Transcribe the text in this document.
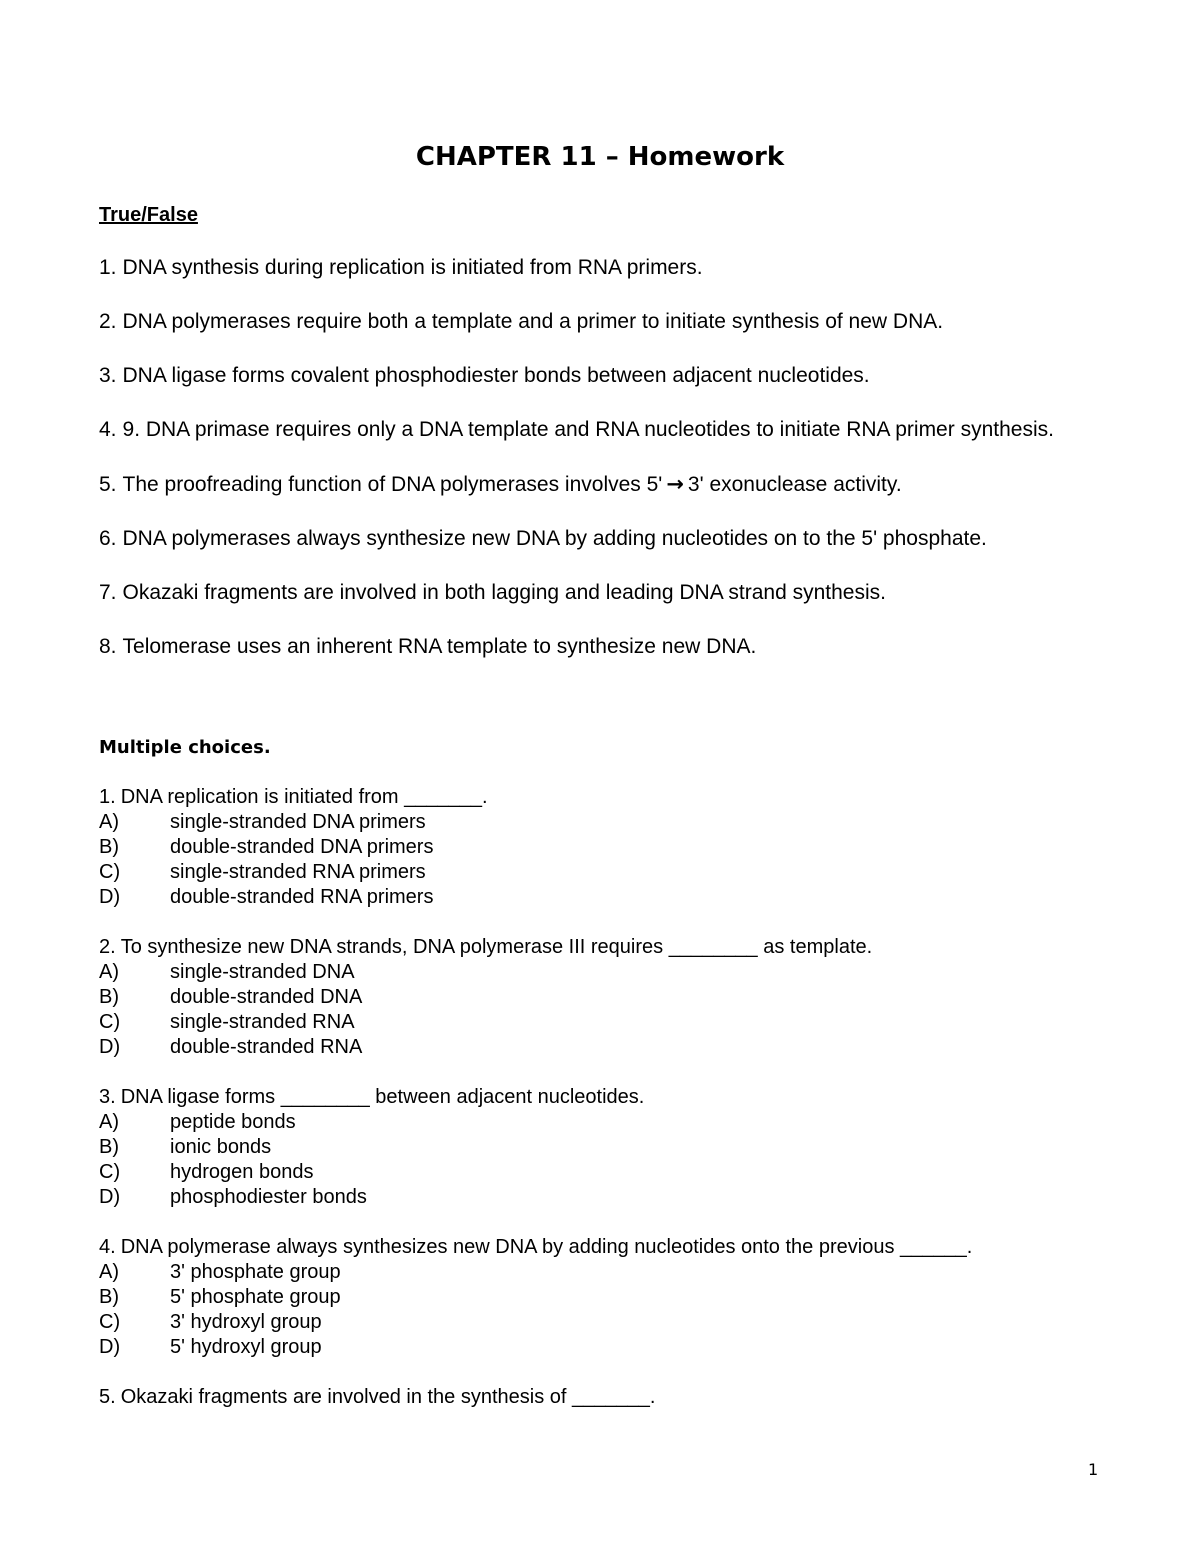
CHAPTER 11 – Homework
True/False
1. DNA synthesis during replication is initiated from RNA primers.
2. DNA polymerases require both a template and a primer to initiate synthesis of new DNA.
3. DNA ligase forms covalent phosphodiester bonds between adjacent nucleotides.
4. 9. DNA primase requires only a DNA template and RNA nucleotides to initiate RNA primer synthesis.
5. The proofreading function of DNA polymerases involves 5' → 3' exonuclease activity.
6. DNA polymerases always synthesize new DNA by adding nucleotides on to the 5' phosphate.
7. Okazaki fragments are involved in both lagging and leading DNA strand synthesis.
8. Telomerase uses an inherent RNA template to synthesize new DNA.
Multiple choices.

1. DNA replication is initiated from _______.

A)	single-stranded DNA primers
B)	double-stranded DNA primers
C)	single-stranded RNA primers
D)	double-stranded RNA primers

2. To synthesize new DNA strands, DNA polymerase III requires ________ as template.

A)	single-stranded DNA
B)	double-stranded DNA
C)	single-stranded RNA
D)	double-stranded RNA

3. DNA ligase forms ________ between adjacent nucleotides.

A)	peptide bonds
B)	ionic bonds
C)	hydrogen bonds
D)	phosphodiester bonds

4. DNA polymerase always synthesizes new DNA by adding nucleotides onto the previous ______.

A)	3' phosphate group
B)	5' phosphate group
C)	3' hydroxyl group
D)	5' hydroxyl group

5. Okazaki fragments are involved in the synthesis of _______.

1
